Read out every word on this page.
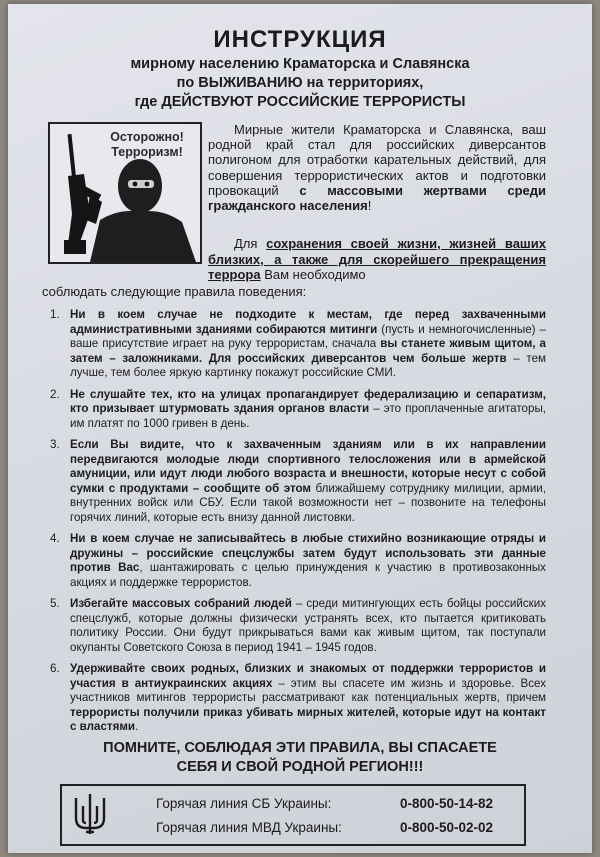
ИНСТРУКЦИЯ
мирному населению Краматорска и Славянска
по ВЫЖИВАНИЮ на территориях,
где ДЕЙСТВУЮТ РОССИЙСКИЕ ТЕРРОРИСТЫ
Осторожно! Терроризм!
Мирные жители Краматорска и Славянска, ваш родной край стал для российских диверсантов полигоном для отработки карательных действий, для совершения террористических актов и подготовки провокаций с массовыми жертвами среди гражданского населения!
Для сохранения своей жизни, жизней ваших близких, а также для скорейшего прекращения террора Вам необходимо
соблюдать следующие правила поведения:
1. Ни в коем случае не подходите к местам, где перед захваченными административными зданиями собираются митинги (пусть и немногочисленные) – ваше присутствие играет на руку террористам, сначала вы станете живым щитом, а затем – заложниками. Для российских диверсантов чем больше жертв – тем лучше, тем более яркую картинку покажут российские СМИ.
2. Не слушайте тех, кто на улицах пропагандирует федерализацию и сепаратизм, кто призывает штурмовать здания органов власти – это проплаченные агитаторы, им платят по 1000 гривен в день.
3. Если Вы видите, что к захваченным зданиям или в их направлении передвигаются молодые люди спортивного телосложения или в армейской амуниции, или идут люди любого возраста и внешности, которые несут с собой сумки с продуктами – сообщите об этом ближайшему сотруднику милиции, армии, внутренних войск или СБУ. Если такой возможности нет – позвоните на телефоны горячих линий, которые есть внизу данной листовки.
4. Ни в коем случае не записывайтесь в любые стихийно возникающие отряды и дружины – российские спецслужбы затем будут использовать эти данные против Вас, шантажировать с целью принуждения к участию в противозаконных акциях и поддержке террористов.
5. Избегайте массовых собраний людей – среди митингующих есть бойцы российских спецслужб, которые должны физически устранять всех, кто пытается критиковать политику России. Они будут прикрываться вами как живым щитом, так поступали окупанты Советского Союза в период 1941 – 1945 годов.
6. Удерживайте своих родных, близких и знакомых от поддержки террористов и участия в антиукраинских акциях – этим вы спасете им жизнь и здоровье. Всех участников митингов террористы рассматривают как потенциальных жертв, причем террористы получили приказ убивать мирных жителей, которые идут на контакт с властями.
ПОМНИТЕ, СОБЛЮДАЯ ЭТИ ПРАВИЛА, ВЫ СПАСАЕТЕ
СЕБЯ И СВОЙ РОДНОЙ РЕГИОН!!!
Горячая линия СБ Украины:	0-800-50-14-82
Горячая линия МВД Украины:	0-800-50-02-02
